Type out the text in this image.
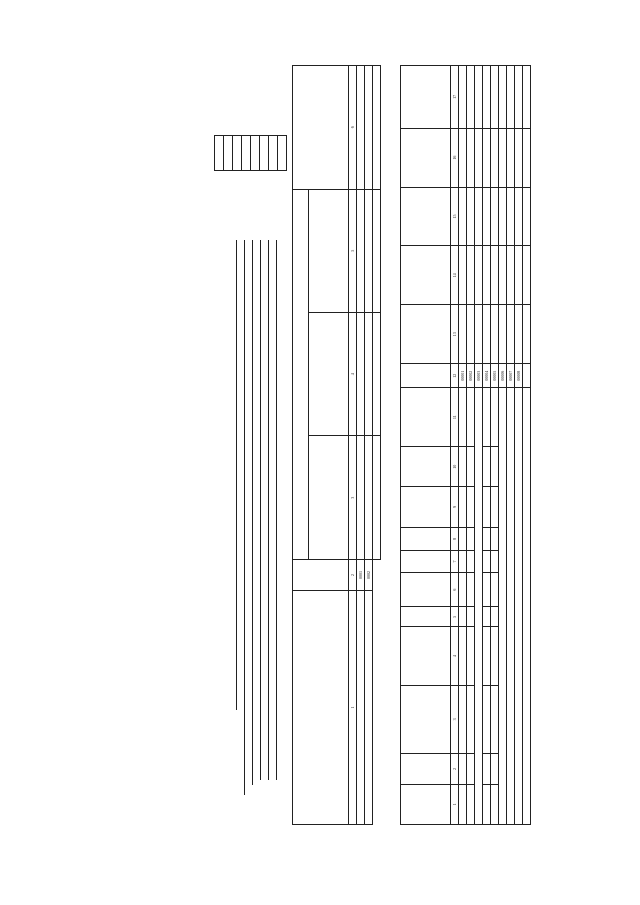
1	2	3	4	5	6
	0001				
	0002				

1	2	3	4	5	6	7	8	9	10	11	12	13	14	15	16	17
											00001					
											00002					
											00003					
											00004					
											00005					
											00006					
											00007					
											00008					
